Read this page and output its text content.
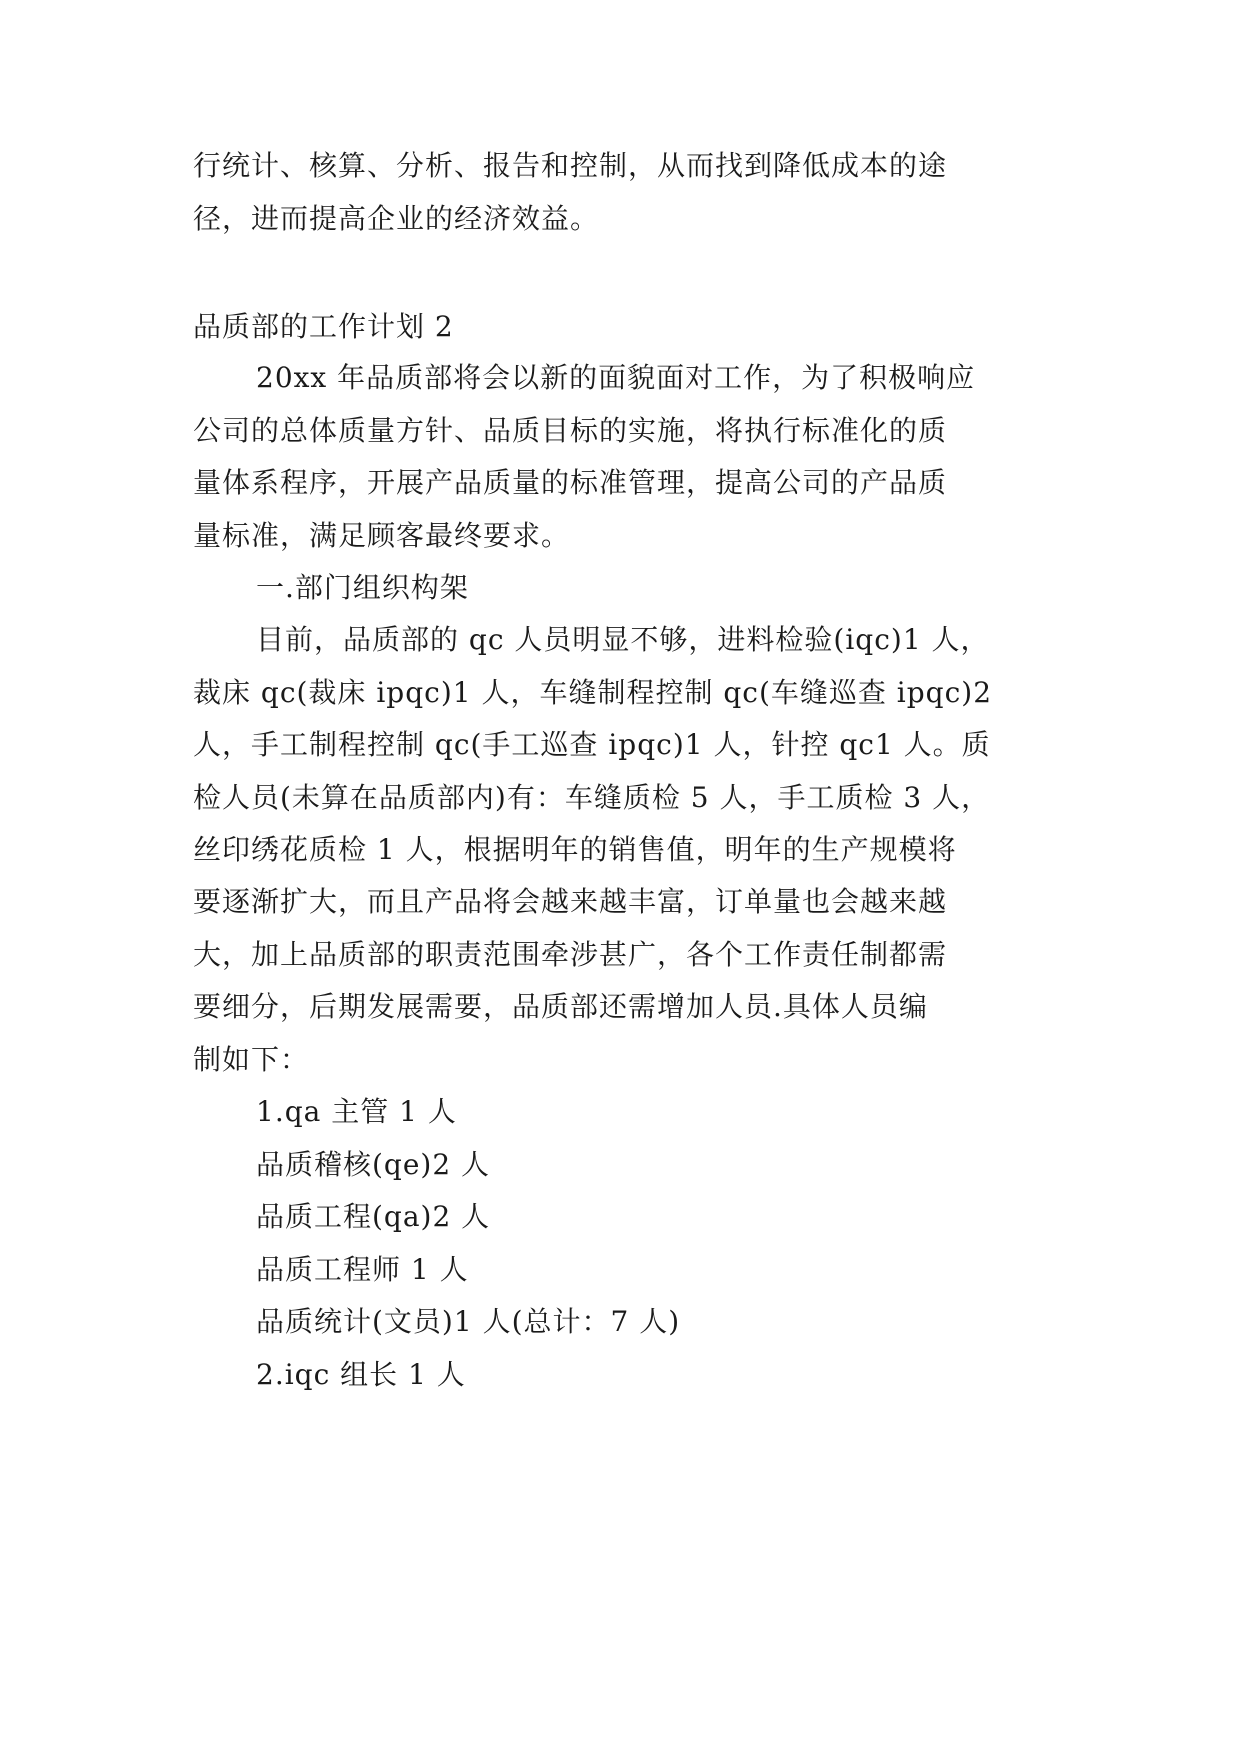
行统计、核算、分析、报告和控制，从而找到降低成本的途
径，进而提高企业的经济效益。
品质部的工作计划 2
20xx 年品质部将会以新的面貌面对工作，为了积极响应
公司的总体质量方针、品质目标的实施，将执行标准化的质
量体系程序，开展产品质量的标准管理，提高公司的产品质
量标准，满足顾客最终要求。
一.部门组织构架
目前，品质部的 qc 人员明显不够，进料检验(iqc)1 人，
裁床 qc(裁床 ipqc)1 人，车缝制程控制 qc(车缝巡查 ipqc)2
人，手工制程控制 qc(手工巡查 ipqc)1 人，针控 qc1 人。质
检人员(未算在品质部内)有：车缝质检 5 人，手工质检 3 人，
丝印绣花质检 1 人，根据明年的销售值，明年的生产规模将
要逐渐扩大，而且产品将会越来越丰富，订单量也会越来越
大，加上品质部的职责范围牵涉甚广，各个工作责任制都需
要细分，后期发展需要，品质部还需增加人员.具体人员编
制如下：
1.qa 主管 1 人
品质稽核(qe)2 人
品质工程(qa)2 人
品质工程师 1 人
品质统计(文员)1 人(总计：7 人)
2.iqc 组长 1 人
